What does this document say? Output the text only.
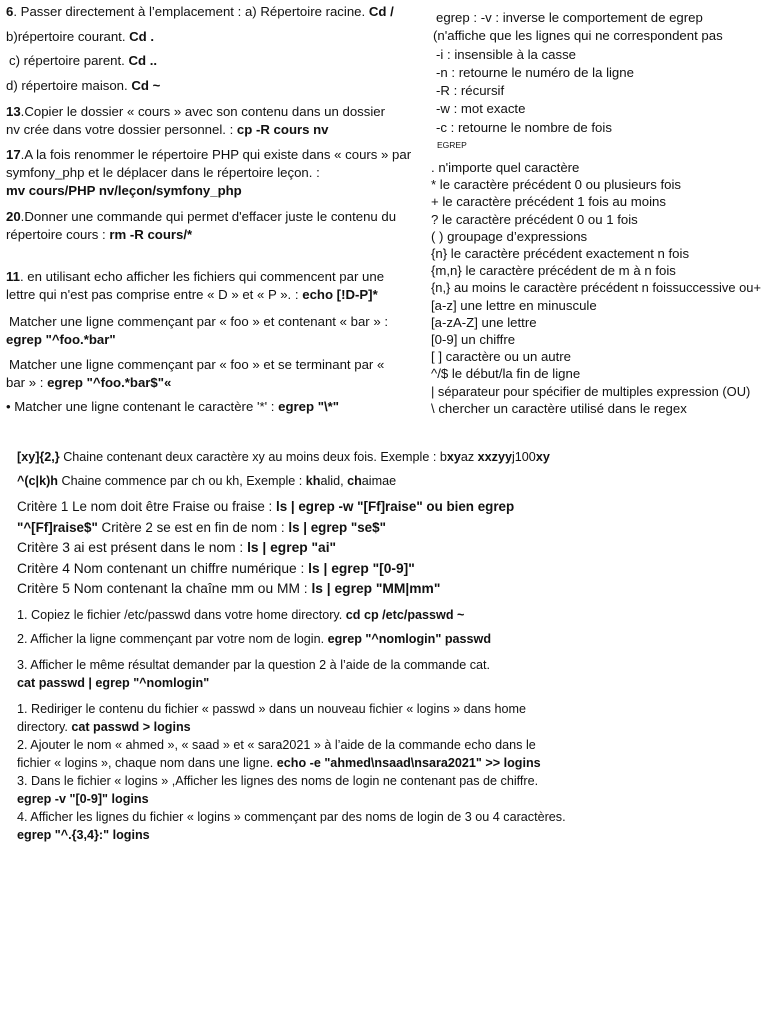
6. Passer directement à l’emplacement : a) Répertoire racine. Cd /
b)répertoire courant. Cd .
c) répertoire parent. Cd ..
d) répertoire maison. Cd ~
13.Copier le dossier « cours » avec son contenu dans un dossier
nv crée dans votre dossier personnel. : cp -R cours nv
17.A la fois renommer le répertoire PHP qui existe dans « cours » par
symfony_php et le déplacer dans le répertoire leçon. :
mv cours/PHP nv/leçon/symfony_php
20.Donner une commande qui permet d'effacer juste le contenu du
répertoire cours : rm -R cours/*
11. en utilisant echo afficher les fichiers qui commencent par une
lettre qui n'est pas comprise entre « D » et « P ». : echo [!D-P]*
Matcher une ligne commençant par « foo » et contenant « bar » :
egrep "^foo.*bar"
Matcher une ligne commençant par « foo » et se terminant par «
bar » : egrep "^foo.*bar$"«
• Matcher une ligne contenant le caractère '*' : egrep "\*"
egrep : -v : inverse le comportement de egrep
(n'affiche que les lignes qui ne correspondent pas
-i : insensible à la casse
-n : retourne le numéro de la ligne
-R : récursif
-w : mot exacte
-c : retourne le nombre de fois
EGREP
. n'importe quel caractère
* le caractère précédent 0 ou plusieurs fois
+ le caractère précédent 1 fois au moins
? le caractère précédent 0 ou 1 fois
( ) groupage d’expressions
{n} le caractère précédent exactement n fois
{m,n} le caractère précédent de m à n fois
{n,} au moins le caractère précédent n foissuccessive ou+
[a-z] une lettre en minuscule
[a-zA-Z] une lettre
[0-9] un chiffre
[ ] caractère ou un autre
^/$ le début/la fin de ligne
| séparateur pour spécifier de multiples expression (OU)
\ chercher un caractère utilisé dans le regex
[xy]{2,} Chaine contenant deux caractère xy au moins deux fois. Exemple : bxyaz xxzyyj100xy
^(c|k)h Chaine commence par ch ou kh, Exemple : khalid, chaimae
Critère 1 Le nom doit être Fraise ou fraise : ls | egrep -w "[Ff]raise" ou bien egrep
"^[Ff]raise$" Critère 2 se est en fin de nom : ls | egrep "se$"
Critère 3 ai est présent dans le nom : ls | egrep "ai"
Critère 4 Nom contenant un chiffre numérique : ls | egrep "[0-9]"
Critère 5 Nom contenant la chaîne mm ou MM : ls | egrep "MM|mm"
1. Copiez le fichier /etc/passwd dans votre home directory. cd cp /etc/passwd ~
2. Afficher la ligne commençant par votre nom de login. egrep "^nomlogin" passwd
3. Afficher le même résultat demander par la question 2 à l’aide de la commande cat.
cat passwd | egrep "^nomlogin"
1. Rediriger le contenu du fichier « passwd » dans un nouveau fichier « logins » dans home
directory. cat passwd > logins
2. Ajouter le nom « ahmed », « saad » et « sara2021 » à l’aide de la commande echo dans le
fichier « logins », chaque nom dans une ligne. echo -e "ahmed\nsaad\nsara2021" >> logins
3. Dans le fichier « logins » ,Afficher les lignes des noms de login ne contenant pas de chiffre.
egrep -v "[0-9]" logins
4. Afficher les lignes du fichier « logins » commençant par des noms de login de 3 ou 4 caractères.
egrep "^.{3,4}:" logins
